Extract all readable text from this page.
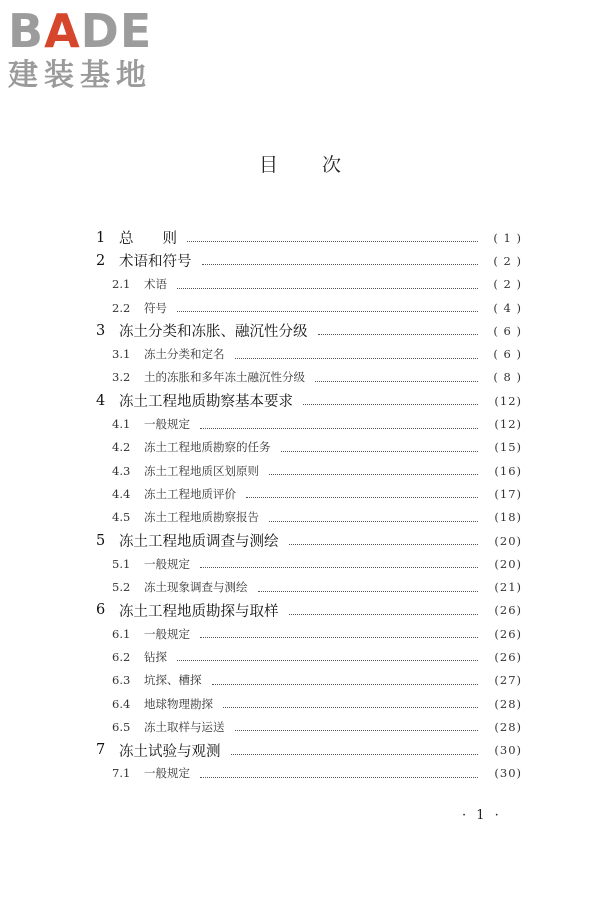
BADE
建装基地
目次
1 总　　则	( 1 )
2 术语和符号	( 2 )
2.1	术语	( 2 )
2.2	符号	( 4 )
3 冻土分类和冻胀、融沉性分级	( 6 )
3.1	冻土分类和定名	( 6 )
3.2	土的冻胀和多年冻土融沉性分级	( 8 )
4 冻土工程地质勘察基本要求	(12)
4.1	一般规定	(12)
4.2	冻土工程地质勘察的任务	(15)
4.3	冻土工程地质区划原则	(16)
4.4	冻土工程地质评价	(17)
4.5	冻土工程地质勘察报告	(18)
5 冻土工程地质调查与测绘	(20)
5.1	一般规定	(20)
5.2	冻土现象调查与测绘	(21)
6 冻土工程地质勘探与取样	(26)
6.1	一般规定	(26)
6.2	钻探	(26)
6.3	坑探、槽探	(27)
6.4	地球物理勘探	(28)
6.5	冻土取样与运送	(28)
7 冻土试验与观测	(30)
7.1	一般规定	(30)
· 1 ·
